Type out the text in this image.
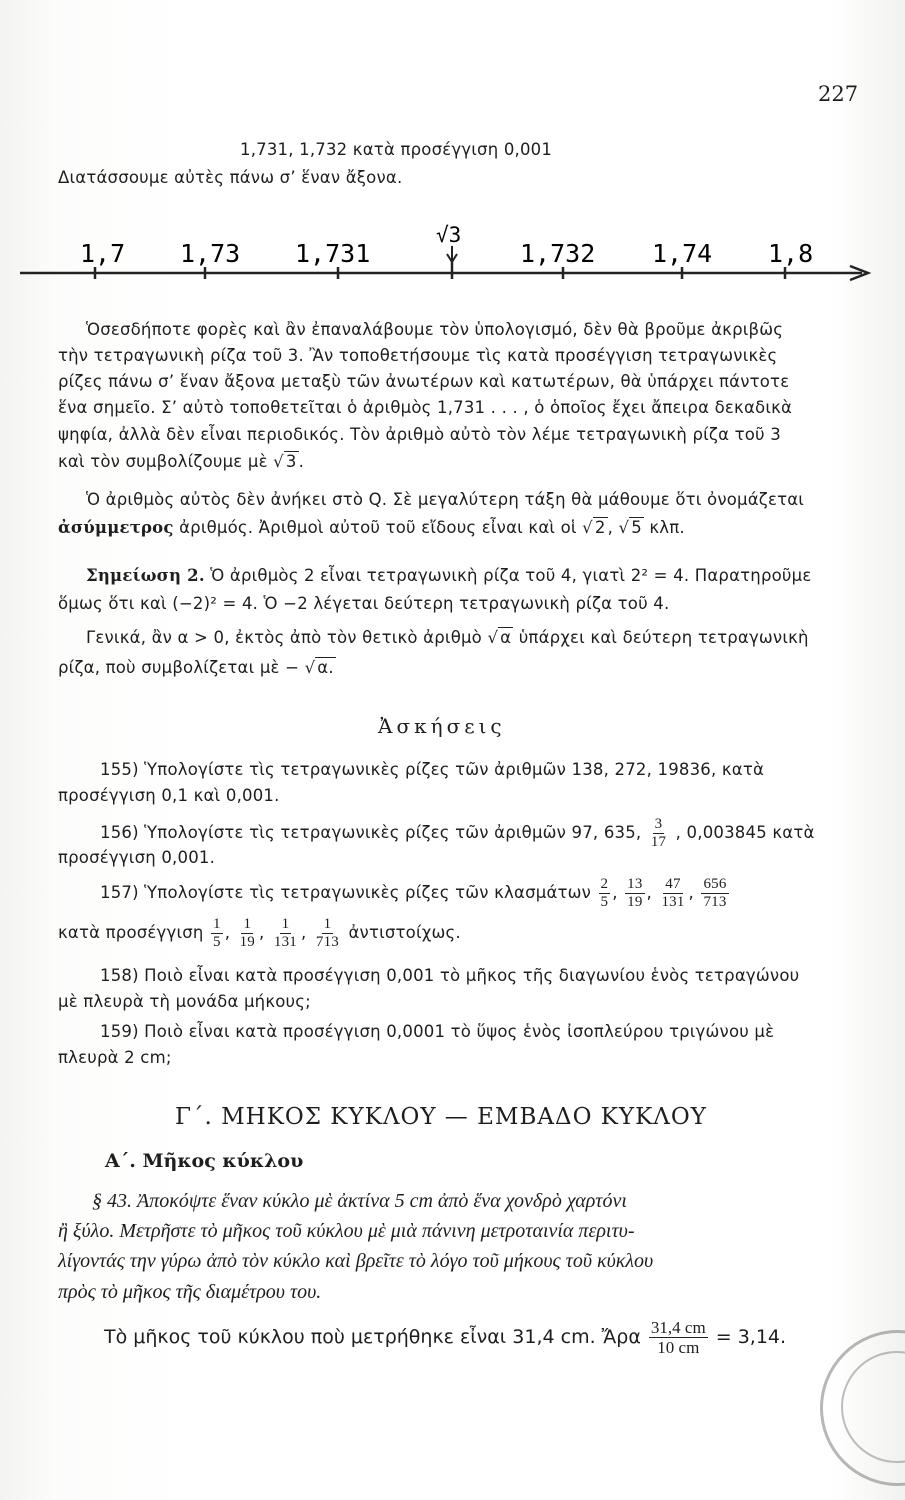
227
1,731, 1,732 κατὰ προσέγγιση 0,001
Διατάσσουμε αὐτὲς πάνω σ’ ἕναν ἄξονα.
1,7 1,73 1,731
√3
1,732 1,74 1,8
Ὁσεσδήποτε φορὲς καὶ ἂν ἐπαναλάβουμε τὸν ὑπολογισμό, δὲν θὰ βροῦμε ἀκριβῶς
τὴν τετραγωνικὴ ρίζα τοῦ 3. Ἂν τοποθετήσουμε τὶς κατὰ προσέγγιση τετραγωνικὲς
ρίζες πάνω σ’ ἕναν ἄξονα μεταξὺ τῶν ἀνωτέρων καὶ κατωτέρων, θὰ ὑπάρχει πάντοτε
ἕνα σημεῖο. Σ’ αὐτὸ τοποθετεῖται ὁ ἀριθμὸς 1,731 . . . , ὁ ὁποῖος ἔχει ἄπειρα δεκαδικὰ
ψηφία, ἀλλὰ δὲν εἶναι περιοδικός. Τὸν ἀριθμὸ αὐτὸ τὸν λέμε τετραγωνικὴ ρίζα τοῦ 3
καὶ τὸν συμβολίζουμε μὲ √ 3 .
Ὁ ἀριθμὸς αὐτὸς δὲν ἀνήκει στὸ Q. Σὲ μεγαλύτερη τάξη θὰ μάθουμε ὅτι ὀνομάζεται
ἀσύμμετρος ἀριθμός. Ἀριθμοὶ αὐτοῦ τοῦ εἴδους εἶναι καὶ οἱ √ 2 , √ 5 κλπ.
Σημείωση 2. Ὁ ἀριθμὸς 2 εἶναι τετραγωνικὴ ρίζα τοῦ 4, γιατὶ 2² = 4. Παρατηροῦμε
ὅμως ὅτι καὶ (−2)² = 4. Ὁ −2 λέγεται δεύτερη τετραγωνικὴ ρίζα τοῦ 4.
Γενικά, ἂν α > 0, ἐκτὸς ἀπὸ τὸν θετικὸ ἀριθμὸ √ α ὑπάρχει καὶ δεύτερη τετραγωνικὴ
ρίζα, ποὺ συμβολίζεται μὲ − √ α.
Ἀσκήσεις
155) Ὑπολογίστε τὶς τετραγωνικὲς ρίζες τῶν ἀριθμῶν 138, 272, 19836, κατὰ
προσέγγιση 0,1 καὶ 0,001.
156) Ὑπολογίστε τὶς τετραγωνικὲς ρίζες τῶν ἀριθμῶν 97, 635, $\frac{3}{17}$ , 0,003845 κατὰ
προσέγγιση 0,001.
157) Ὑπολογίστε τὶς τετραγωνικὲς ρίζες τῶν κλασμάτων $\frac{2}{5}$ , $\frac{13}{19}$ , $\frac{47}{131}$ , $\frac{656}{713}$
κατὰ προσέγγιση $\frac{1}{5}$ , $\frac{1}{19}$ , $\frac{1}{131}$ , $\frac{1}{713}$ ἀντιστοίχως.
158) Ποιὸ εἶναι κατὰ προσέγγιση 0,001 τὸ μῆκος τῆς διαγωνίου ἑνὸς τετραγώνου
μὲ πλευρὰ τὴ μονάδα μήκους;
159) Ποιὸ εἶναι κατὰ προσέγγιση 0,0001 τὸ ὕψος ἑνὸς ἰσοπλεύρου τριγώνου μὲ
πλευρὰ 2 cm;
Γ΄. ΜΗΚΟΣ ΚΥΚΛΟΥ — ΕΜΒΑΔΟ ΚΥΚΛΟΥ
Α΄. Μῆκος κύκλου
§ 43. Ἀποκόψτε ἕναν κύκλο μὲ ἀκτίνα 5 cm ἀπὸ ἕνα χονδρὸ χαρτόνι
ἢ ξύλο. Μετρῆστε τὸ μῆκος τοῦ κύκλου μὲ μιὰ πάνινη μετροταινία περιτυ-
λίγοντάς την γύρω ἀπὸ τὸν κύκλο καὶ βρεῖτε τὸ λόγο τοῦ μήκους τοῦ κύκλου
πρὸς τὸ μῆκος τῆς διαμέτρου του.
Τὸ μῆκος τοῦ κύκλου ποὺ μετρήθηκε εἶναι 31,4 cm. Ἄρα $\frac{31,4 cm}{10 cm} = 3,14$.
